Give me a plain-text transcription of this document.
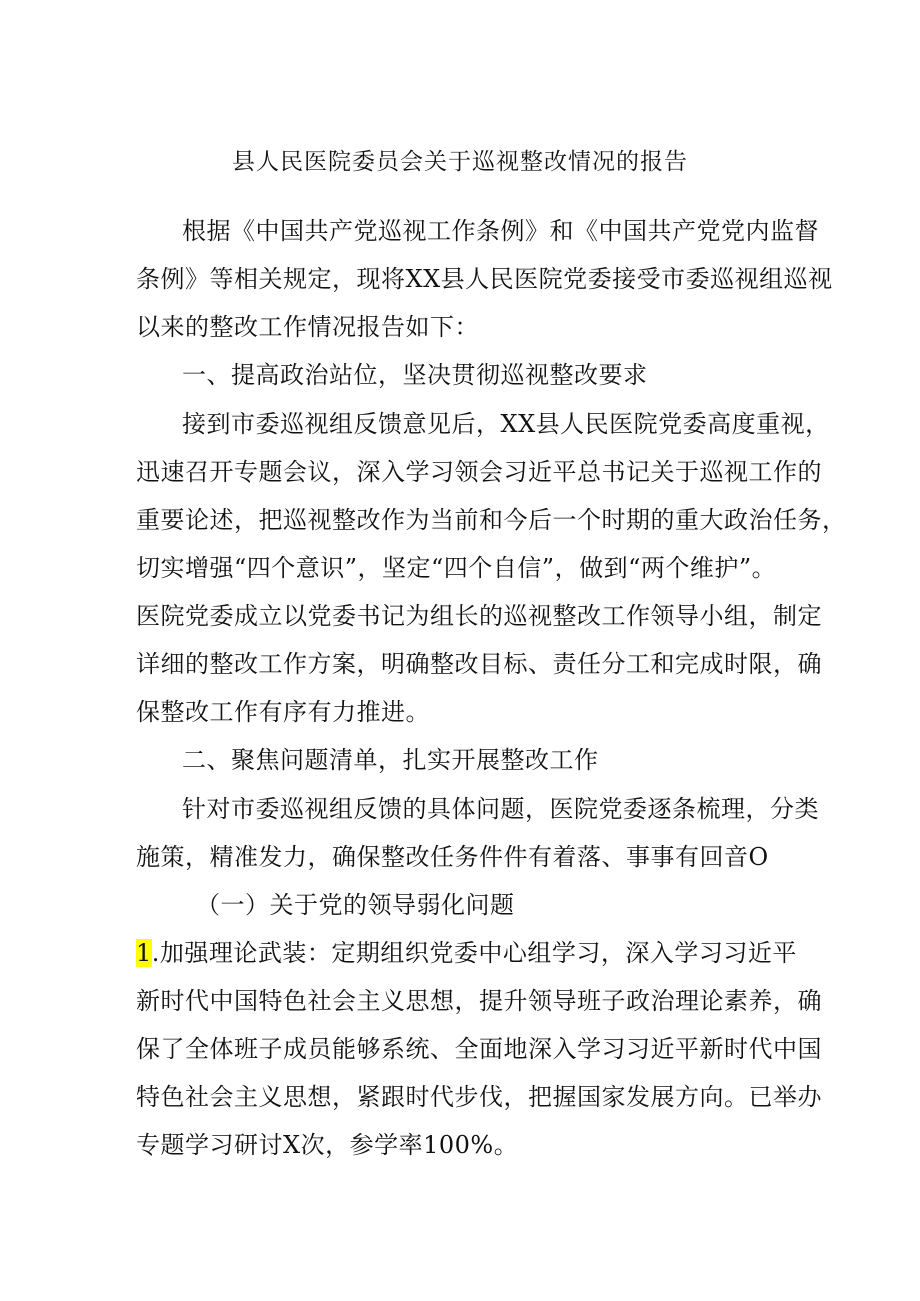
县人民医院委员会关于巡视整改情况的报告
根据《中国共产党巡视工作条例》和《中国共产党党内监督
条例》等相关规定，现将XX县人民医院党委接受市委巡视组巡视
以来的整改工作情况报告如下：
一、提高政治站位，坚决贯彻巡视整改要求
接到市委巡视组反馈意见后，XX县人民医院党委高度重视，
迅速召开专题会议，深入学习领会习近平总书记关于巡视工作的
重要论述，把巡视整改作为当前和今后一个时期的重大政治任务，
切实增强“四个意识”，坚定“四个自信”，做到“两个维护”。
医院党委成立以党委书记为组长的巡视整改工作领导小组，制定
详细的整改工作方案，明确整改目标、责任分工和完成时限，确
保整改工作有序有力推进。
二、聚焦问题清单，扎实开展整改工作
针对市委巡视组反馈的具体问题，医院党委逐条梳理，分类
施策，精准发力，确保整改任务件件有着落、事事有回音O
（一）关于党的领导弱化问题
1.加强理论武装：定期组织党委中心组学习，深入学习习近平
新时代中国特色社会主义思想，提升领导班子政治理论素养，确
保了全体班子成员能够系统、全面地深入学习习近平新时代中国
特色社会主义思想，紧跟时代步伐，把握国家发展方向。已举办
专题学习研讨X次，参学率100%。
